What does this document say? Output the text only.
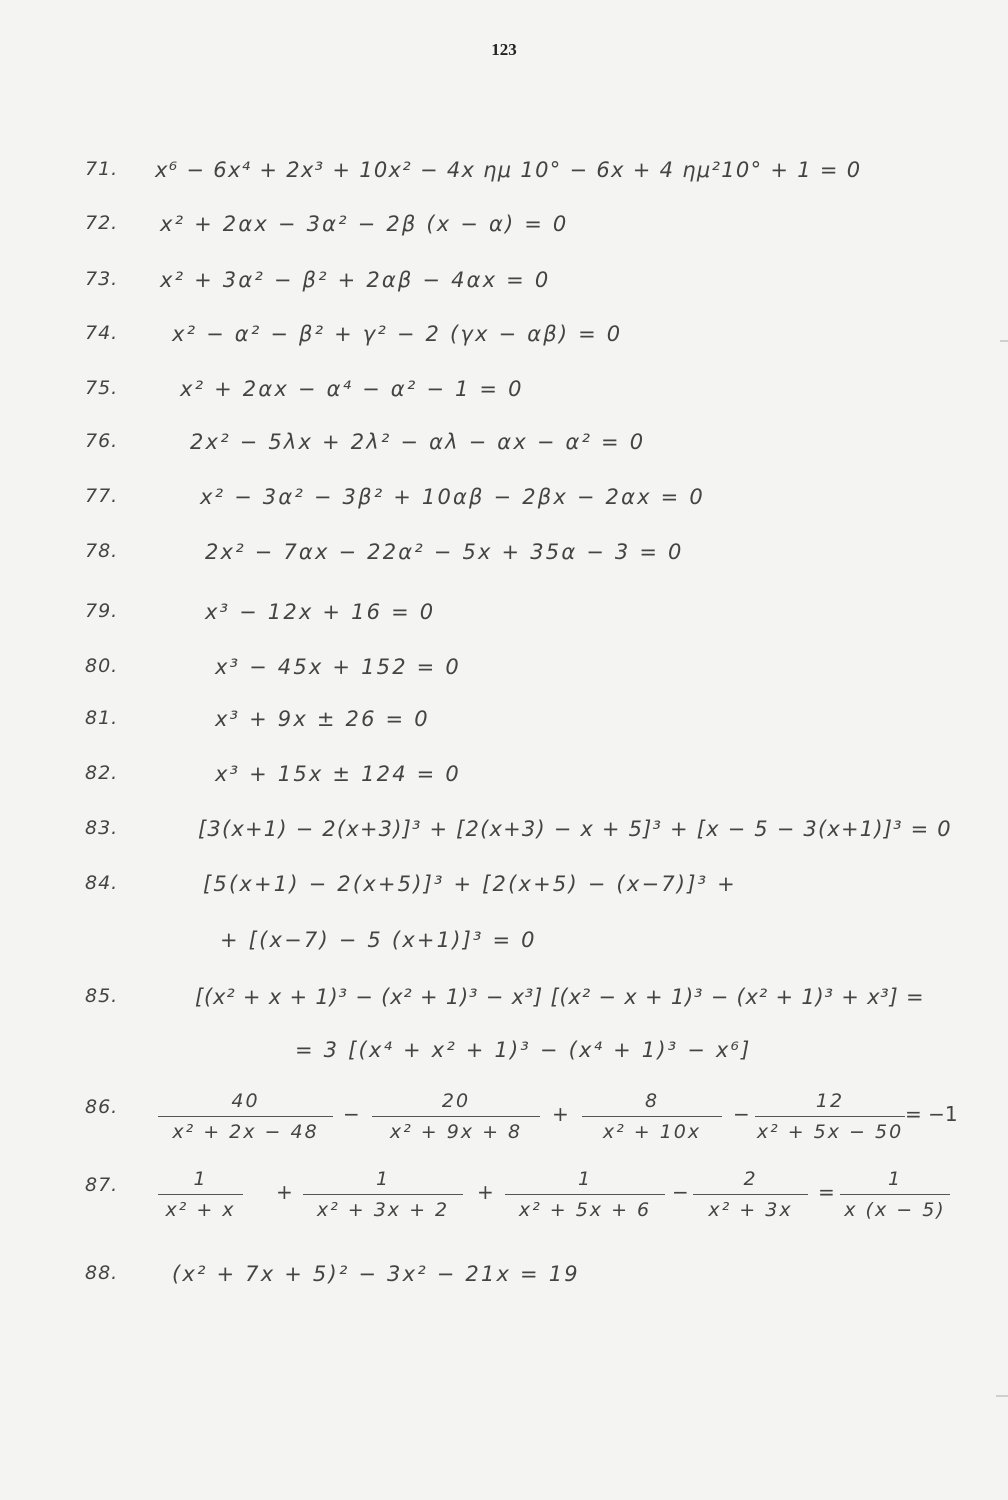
123
71. x⁶ − 6x⁴ + 2x³ + 10x² − 4x ημ 10° − 6x + 4 ημ²10° + 1 = 0
72. x² + 2αx − 3α² − 2β (x − α) = 0
73. x² + 3α² − β² + 2αβ − 4αx = 0
74.	x² − α² − β² + γ² − 2 (γx − αβ) = 0
75.	x² + 2αx − α⁴ − α² − 1 = 0
76.	2x² − 5λx + 2λ² − αλ − αx − α² = 0
77.	x² − 3α² − 3β² + 10αβ − 2βx − 2αx = 0
78.	2x² − 7αx − 22α² − 5x + 35α − 3 = 0
79.	x³ − 12x + 16 = 0
80.	x³ − 45x + 152 = 0
81.	x³ + 9x ± 26 = 0
82.	x³ + 15x ± 124 = 0
83.	[3(x+1) − 2(x+3)]³ + [2(x+3) − x + 5]³ + [x − 5 − 3(x+1)]³ = 0
84.	[5(x+1) − 2(x+5)]³ + [2(x+5) − (x−7)]³ +
+ [(x−7) − 5 (x+1)]³ = 0
85.	[(x² + x + 1)³ − (x² + 1)³ − x³] [(x² − x + 1)³ − (x² + 1)³ + x³] =
= 3 [(x⁴ + x² + 1)³ − (x⁴ + 1)³ − x⁶]
86.	40
x² + 2x − 48
−
20
x² + 9x + 8
+
8
x² + 10x
−
12
x² + 5x − 50
= −1
87.	1
x² + x
+
1
x² + 3x + 2
+
1
x² + 5x + 6
−
2
x² + 3x
=
1
x (x − 5)
88.	(x² + 7x + 5)² − 3x² − 21x = 19
